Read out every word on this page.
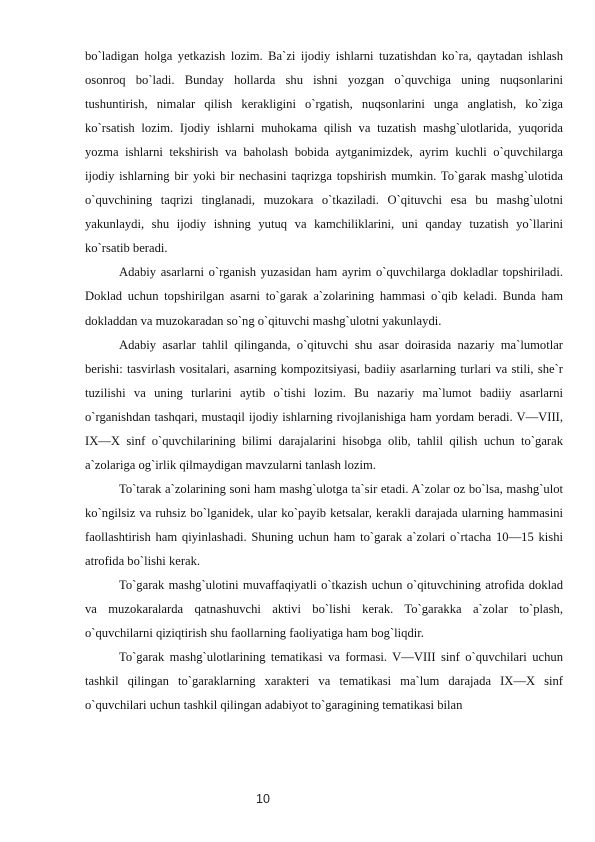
bo`ladigan holga yetkazish lozim. Ba`zi ijodiy ishlarni tuzatishdan ko`ra, qaytadan ishlash osonroq bo`ladi. Bunday hollarda shu ishni yozgan o`quvchiga uning nuqsonlarini tushuntirish, nimalar qilish kerakligini o`rgatish, nuqsonlarini unga anglatish, ko`ziga ko`rsatish lozim. Ijodiy ishlarni muhokama qilish va tuzatish mashg`ulotlarida, yuqorida yozma ishlarni tekshirish va baholash bobida aytganimizdek, ayrim kuchli o`quvchilarga ijodiy ishlarning bir yoki bir nechasini taqrizga topshirish mumkin. To`garak mashg`ulotida o`quvchining taqrizi tinglanadi, muzokara o`tkaziladi. O`qituvchi esa bu mashg`ulotni yakunlaydi, shu ijodiy ishning yutuq va kamchiliklarini, uni qanday tuzatish yo`llarini ko`rsatib beradi.

Adabiy asarlarni o`rganish yuzasidan ham ayrim o`quvchilarga dokladlar topshiriladi. Doklad uchun topshirilgan asarni to`garak a`zolarining hammasi o`qib keladi. Bunda ham dokladdan va muzokaradan so`ng o`qituvchi mashg`ulotni yakunlaydi.

Adabiy asarlar tahlil qilinganda, o`qituvchi shu asar doirasida nazariy ma`lumotlar berishi: tasvirlash vositalari, asarning kompozitsiyasi, badiiy asarlarning turlari va stili, she`r tuzilishi va uning turlarini aytib o`tishi lozim. Bu nazariy ma`lumot badiiy asarlarni o`rganishdan tashqari, mustaqil ijodiy ishlarning rivojlanishiga ham yordam beradi. V—VIII, IX—X sinf o`quvchilarining bilimi darajalarini hisobga olib, tahlil qilish uchun to`garak a`zolariga og`irlik qilmaydigan mavzularni tanlash lozim.

To`tarak a`zolarining soni ham mashg`ulotga ta`sir etadi. A`zolar oz bo`lsa, mashg`ulot ko`ngilsiz va ruhsiz bo`lganidek, ular ko`payib ketsalar, kerakli darajada ularning hammasini faollashtirish ham qiyinlashadi. Shuning uchun ham to`garak a`zolari o`rtacha 10—15 kishi atrofida bo`lishi kerak.

To`garak mashg`ulotini muvaffaqiyatli o`tkazish uchun o`qituvchining atrofida doklad va muzokaralarda qatnashuvchi aktivi bo`lishi kerak. To`garakka a`zolar to`plash, o`quvchilarni qiziqtirish shu faollarning faoliyatiga ham bog`liqdir.

To`garak mashg`ulotlarining tematikasi va formasi. V—VIII sinf o`quvchilari uchun tashkil qilingan to`garaklarning xarakteri va tematikasi ma`lum darajada IX—X sinf o`quvchilari uchun tashkil qilingan adabiyot to`garagining tematikasi bilan

10
